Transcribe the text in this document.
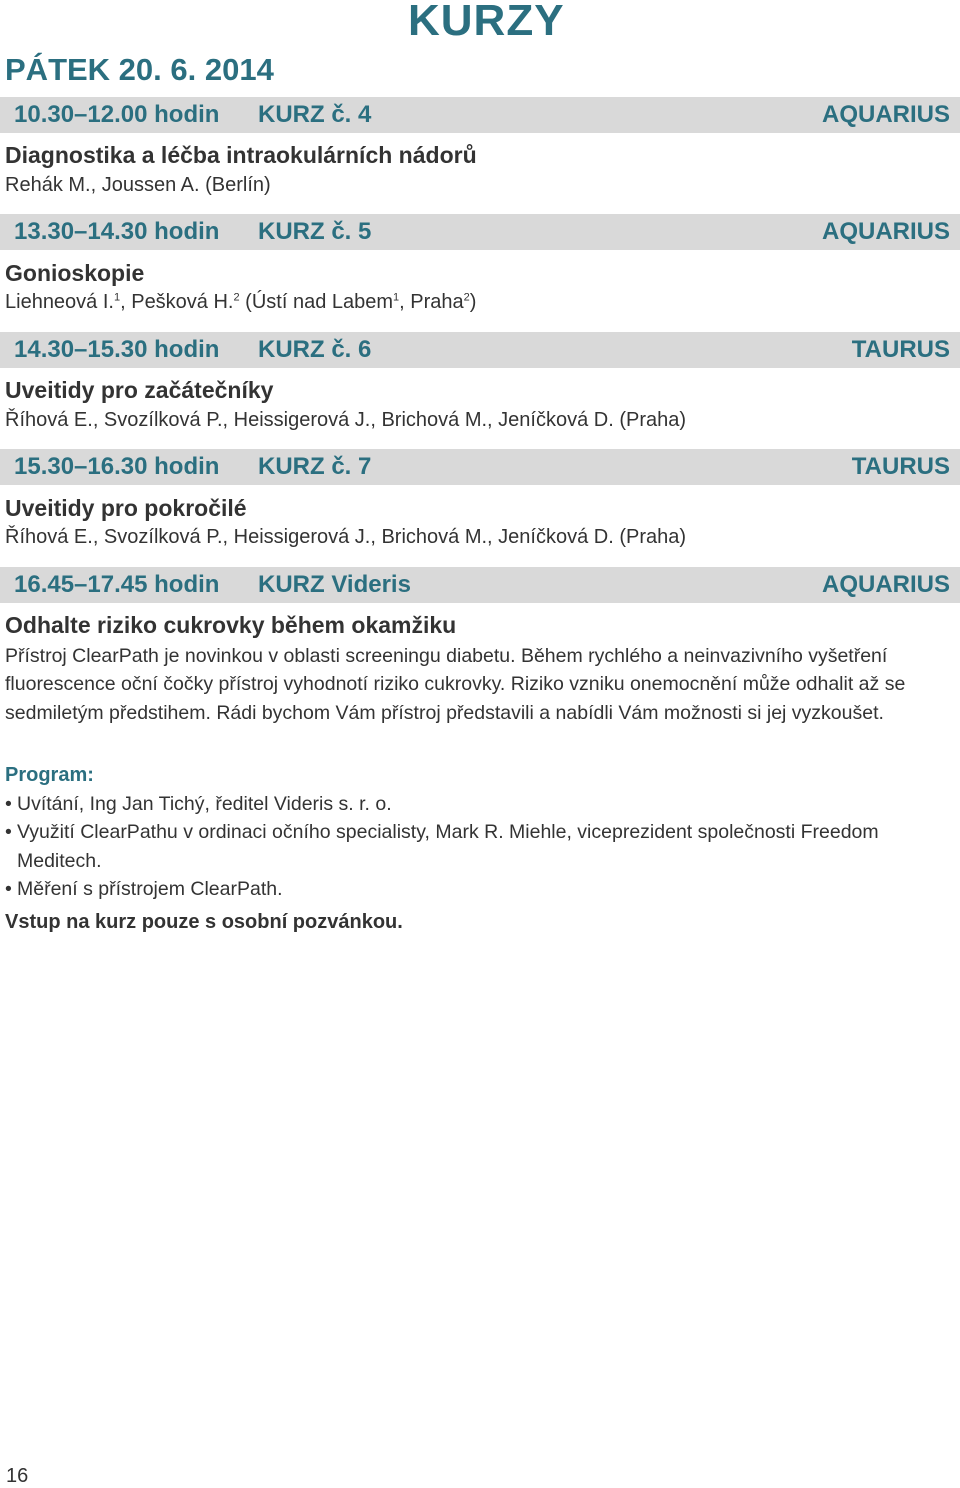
KURZY
PÁTEK 20. 6. 2014
10.30–12.00 hodin KURZ č. 4	AQUARIUS
Diagnostika a léčba intraokulárních nádorů
Rehák M., Joussen A. (Berlín)
13.30–14.30 hodin KURZ č. 5	AQUARIUS
Gonioskopie
Liehneová I.$^1$, Pešková H.$^2$ (Ústí nad Labem$^1$, Praha$^2$)
14.30–15.30 hodin KURZ č. 6	TAURUS
Uveitidy pro začátečníky
Říhová E., Svozílková P., Heissigerová J., Brichová M., Jeníčková D. (Praha)
15.30–16.30 hodin KURZ č. 7	TAURUS
Uveitidy pro pokročilé
Říhová E., Svozílková P., Heissigerová J., Brichová M., Jeníčková D. (Praha)
16.45–17.45 hodin KURZ Videris	AQUARIUS
Odhalte riziko cukrovky během okamžiku

Přístroj ClearPath je novinkou v oblasti screeningu diabetu. Během rychlého a neinvazivního vyšetření fluorescence oční čočky přístroj vyhodnotí riziko cukrovky. Riziko vzniku onemocnění může odhalit až se sedmiletým předstihem. Rádi bychom Vám přístroj představili a nabídli Vám možnosti si jej vyzkoušet.

Program:
• Uvítání, Ing Jan Tichý, ředitel Videris s. r. o.
• Využití ClearPathu v ordinaci očního specialisty, Mark R. Miehle, viceprezident společnosti Freedom Meditech.
• Měření s přístrojem ClearPath.
Vstup na kurz pouze s osobní pozvánkou.
16
